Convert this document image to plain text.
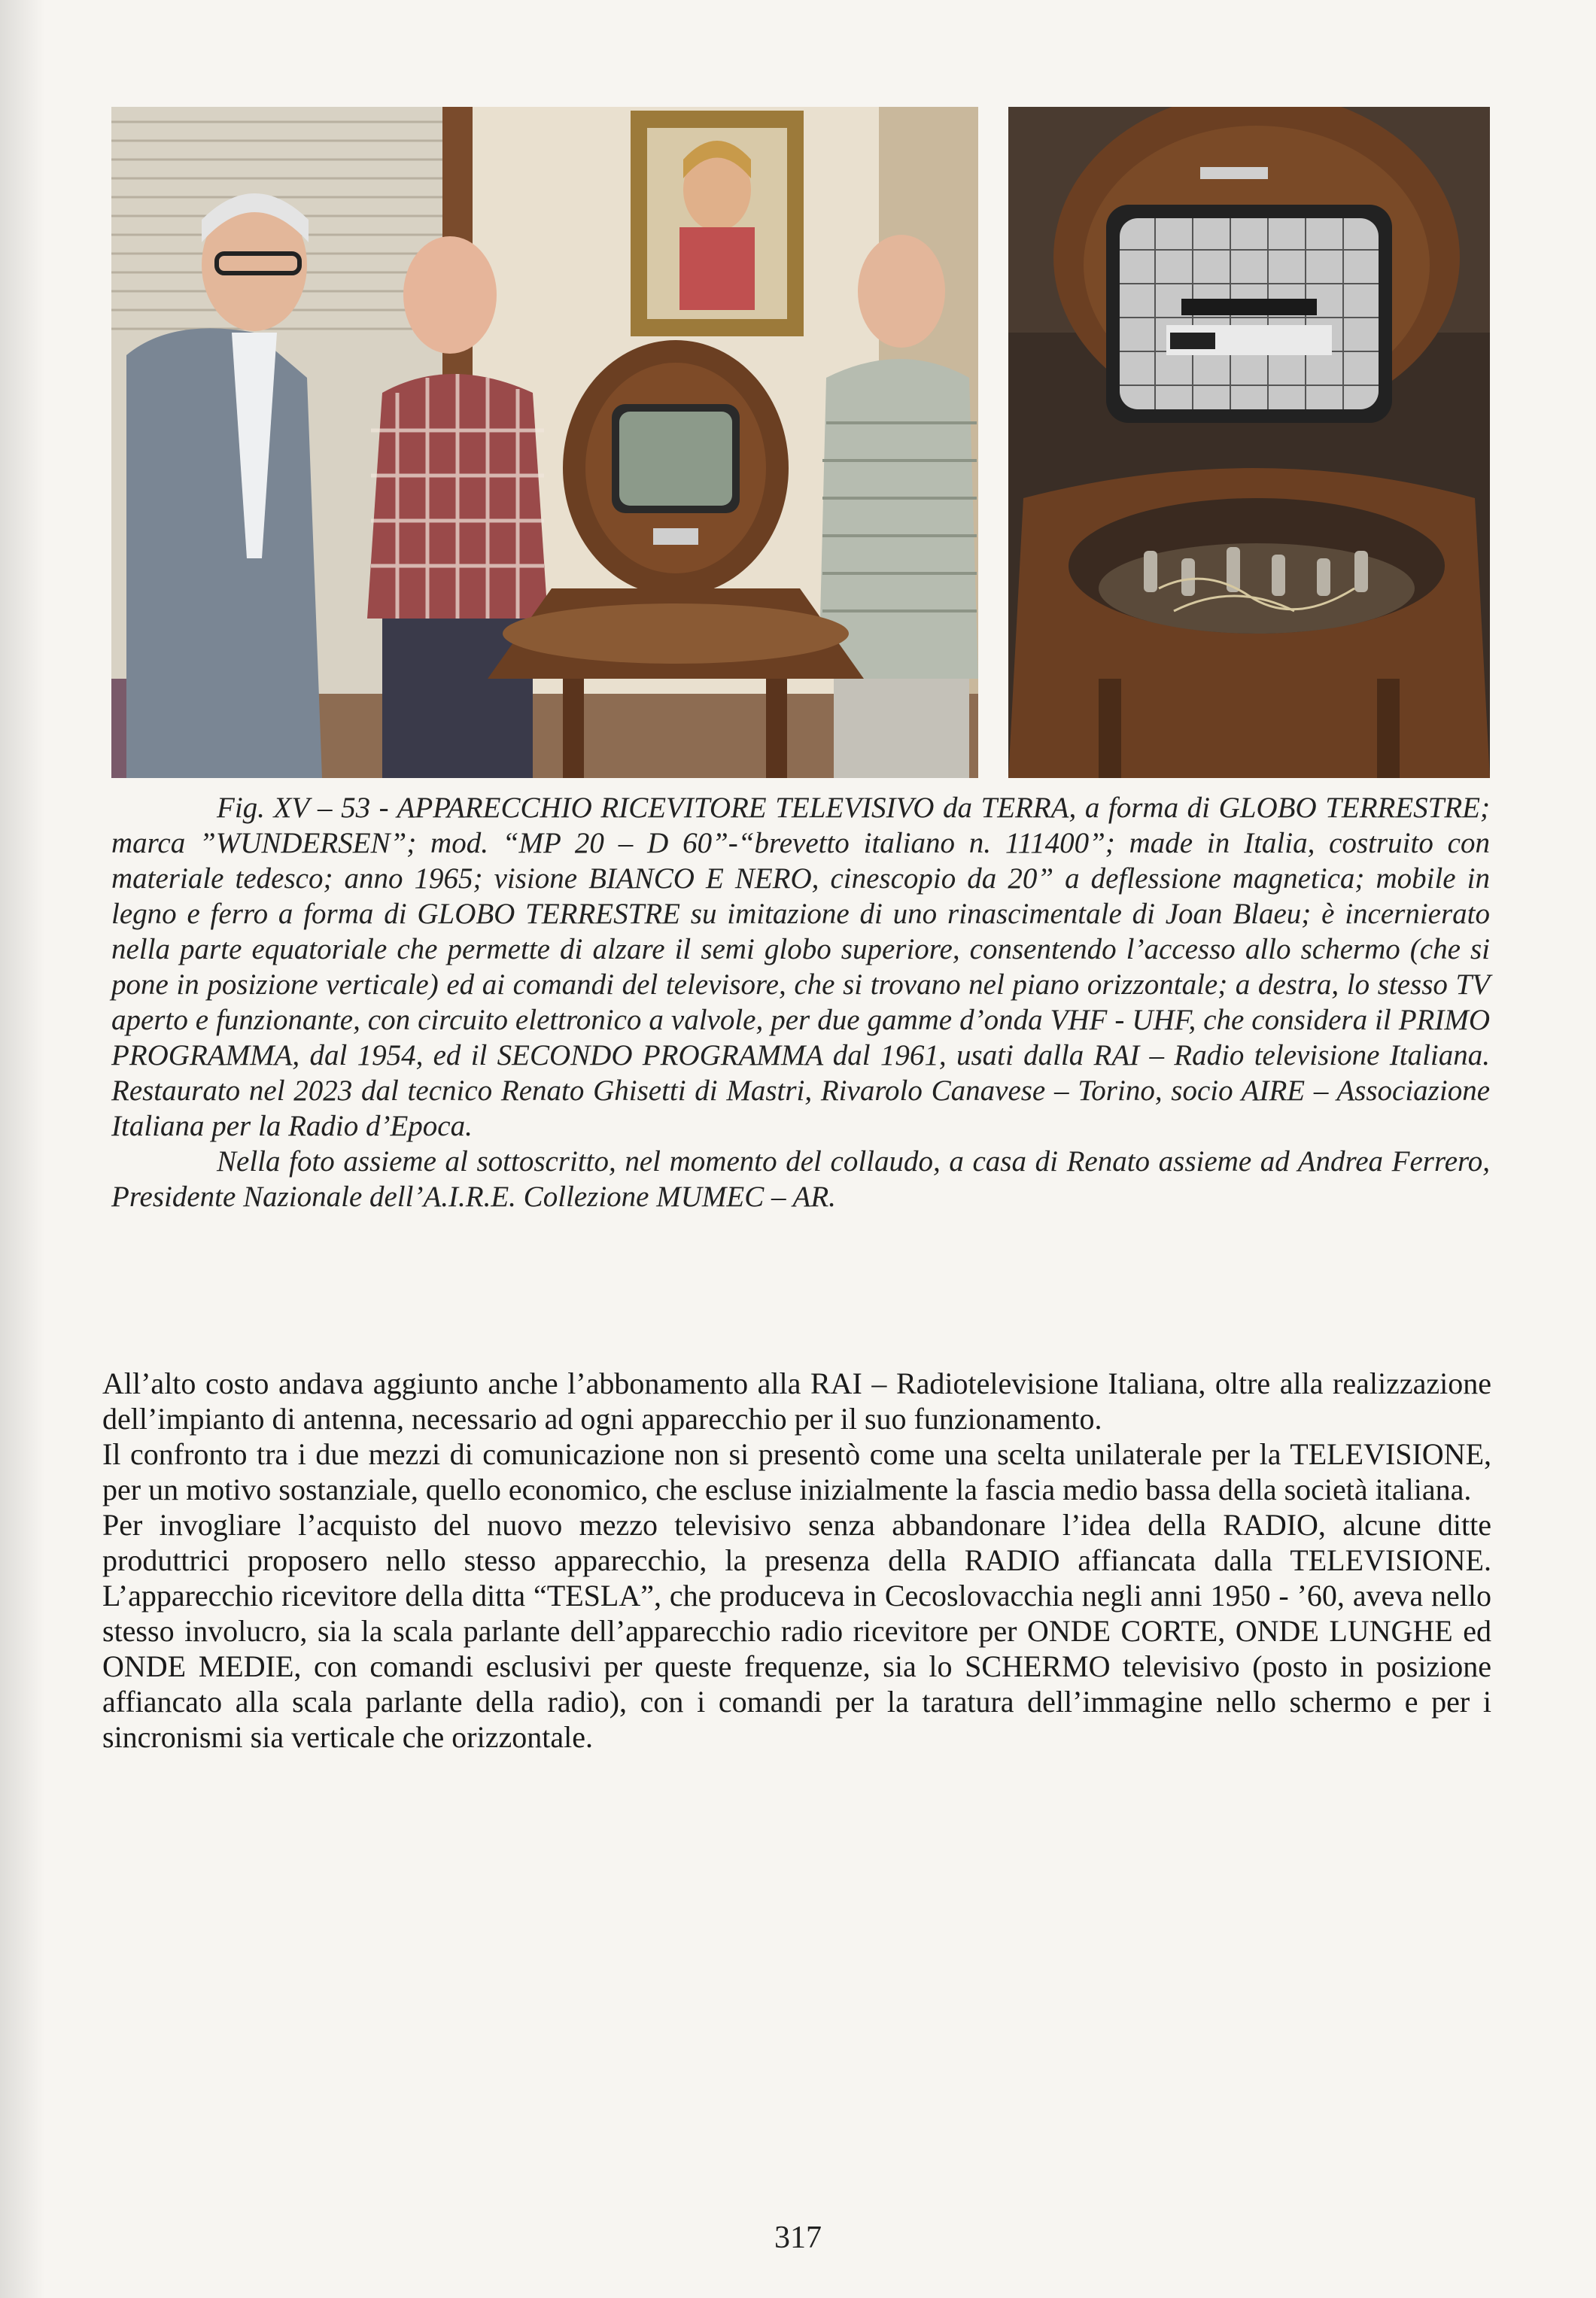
Fig. XV – 53 - APPARECCHIO RICEVITORE TELEVISIVO da TERRA, a forma di GLOBO TERRESTRE; marca ”WUNDERSEN”; mod. “MP 20 – D 60”-“brevetto italiano n. 111400”; made in Italia, costruito con materiale tedesco; anno 1965; visione BIANCO E NERO, cinescopio da 20” a deflessione magnetica; mobile in legno e ferro a forma di GLOBO TERRESTRE su imitazione di uno rinascimentale di Joan Blaeu; è incernierato nella parte equatoriale che permette di alzare il semi globo superiore, consentendo l’accesso allo schermo (che si pone in posizione verticale) ed ai comandi del televisore, che si trovano nel piano orizzontale; a destra, lo stesso TV aperto e funzionante, con circuito elettronico a valvole, per due gamme d’onda VHF - UHF, che considera il PRIMO PROGRAMMA, dal 1954, ed il SECONDO PROGRAMMA dal 1961, usati dalla RAI – Radio televisione Italiana. Restaurato nel 2023 dal tecnico Renato Ghisetti di Mastri, Rivarolo Canavese – Torino, socio AIRE – Associazione Italiana per la Radio d’Epoca.

Nella foto assieme al sottoscritto, nel momento del collaudo, a casa di Renato assieme ad Andrea Ferrero, Presidente Nazionale dell’A.I.R.E. Collezione MUMEC – AR.

All’alto costo andava aggiunto anche l’abbonamento alla RAI – Radiotelevisione Italiana, oltre alla realizzazione dell’impianto di antenna, necessario ad ogni apparecchio per il suo funzionamento.

Il confronto tra i due mezzi di comunicazione non si presentò come una scelta unilaterale per la TELEVISIONE, per un motivo sostanziale, quello economico, che escluse inizialmente la fascia medio bassa della società italiana.

Per invogliare l’acquisto del nuovo mezzo televisivo senza abbandonare l’idea della RADIO, alcune ditte produttrici proposero nello stesso apparecchio, la presenza della RADIO affiancata dalla TELEVISIONE. L’apparecchio ricevitore della ditta “TESLA”, che produceva in Cecoslovacchia negli anni 1950 - ’60, aveva nello stesso involucro, sia la scala parlante dell’apparecchio radio ricevitore per ONDE CORTE, ONDE LUNGHE ed ONDE MEDIE, con comandi esclusivi per queste frequenze, sia lo SCHERMO televisivo (posto in posizione affiancato alla scala parlante della radio), con i comandi per la taratura dell’immagine nello schermo e per i sincronismi sia verticale che orizzontale.

317
